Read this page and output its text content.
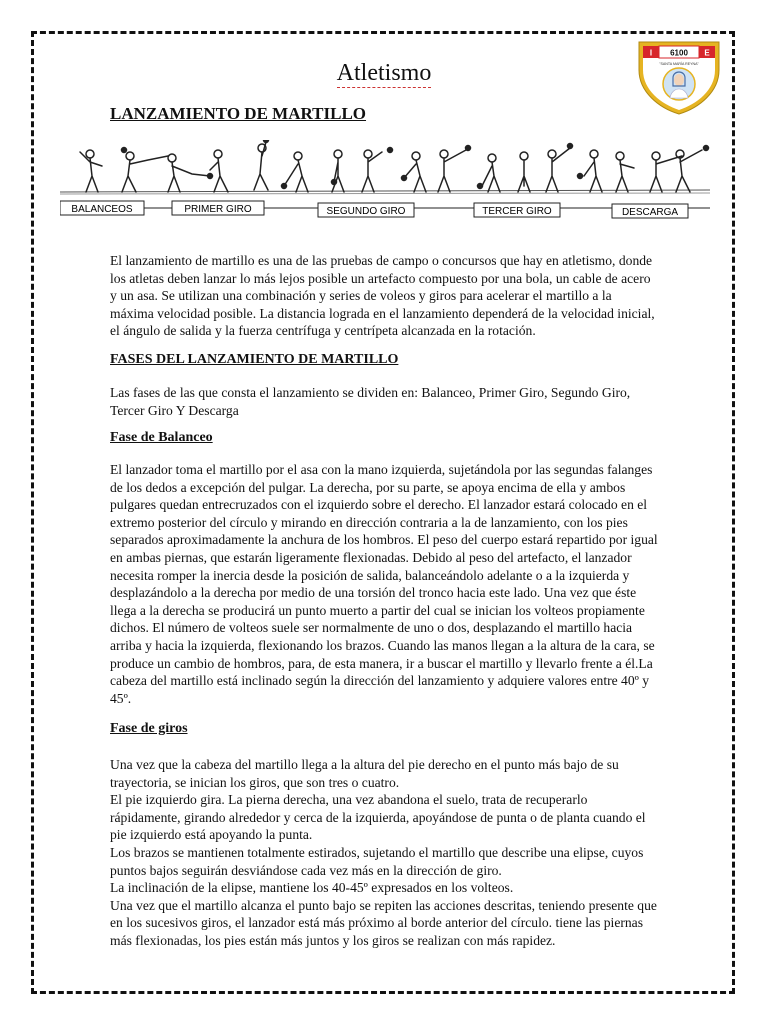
Atletismo
I 6100 E
"SANTA MARÍA REYNA"
LANZAMIENTO DE MARTILLO
BALANCEOS	PRIMER GIRO	SEGUNDO GIRO	TERCER GIRO	DESCARGA

El lanzamiento de martillo es una de las pruebas de campo o concursos que hay en atletismo, donde los atletas deben lanzar lo más lejos posible un artefacto compuesto por una bola, un cable de acero y un asa. Se utilizan una combinación y series de voleos y giros para acelerar el martillo a la máxima velocidad posible. La distancia lograda en el lanzamiento dependerá de la velocidad inicial, el ángulo de salida y la fuerza centrífuga y centrípeta alcanzada en la rotación.

FASES DEL LANZAMIENTO DE MARTILLO

Las fases de las que consta el lanzamiento se dividen en: Balanceo, Primer Giro, Segundo Giro, Tercer Giro Y Descarga

Fase de Balanceo

El lanzador toma el martillo por el asa con la mano izquierda, sujetándola por las segundas falanges de los dedos a excepción del pulgar. La derecha, por su parte, se apoya encima de ella y ambos pulgares quedan entrecruzados con el izquierdo sobre el derecho. El lanzador estará colocado en el extremo posterior del círculo y mirando en dirección contraria a la de lanzamiento, con los pies separados aproximadamente la anchura de los hombros. El peso del cuerpo estará repartido por igual en ambas piernas, que estarán ligeramente flexionadas. Debido al peso del artefacto, el lanzador necesita romper la inercia desde la posición de salida, balanceándolo adelante o a la izquierda y desplazándolo a la derecha por medio de una torsión del tronco hacia este lado. Una vez que éste llega a la derecha se producirá un punto muerto a partir del cual se inician los volteos propiamente dichos. El número de volteos suele ser normalmente de uno o dos, desplazando el martillo hacia arriba y hacia la izquierda, flexionando los brazos. Cuando las manos llegan a la altura de la cara, se produce un cambio de hombros, para, de esta manera, ir a buscar el martillo y llevarlo frente a él.La cabeza del martillo está inclinado según la dirección del lanzamiento y adquiere valores entre 40º y 45º.

Fase de giros

Una vez que la cabeza del martillo llega a la altura del pie derecho en el punto más bajo de su trayectoria, se inician los giros, que son tres o cuatro.

El pie izquierdo gira. La pierna derecha, una vez abandona el suelo, trata de recuperarlo rápidamente, girando alrededor y cerca de la izquierda, apoyándose de punta o de planta cuando el pie izquierdo está apoyando la punta.

Los brazos se mantienen totalmente estirados, sujetando el martillo que describe una elipse, cuyos puntos bajos seguirán desviándose cada vez más en la dirección de giro.

La inclinación de la elipse, mantiene los 40-45º expresados en los volteos.

Una vez que el martillo alcanza el punto bajo se repiten las acciones descritas, teniendo presente que en los sucesivos giros, el lanzador está más próximo al borde anterior del círculo. tiene las piernas más flexionadas, los pies están más juntos y los giros se realizan con más rapidez.
